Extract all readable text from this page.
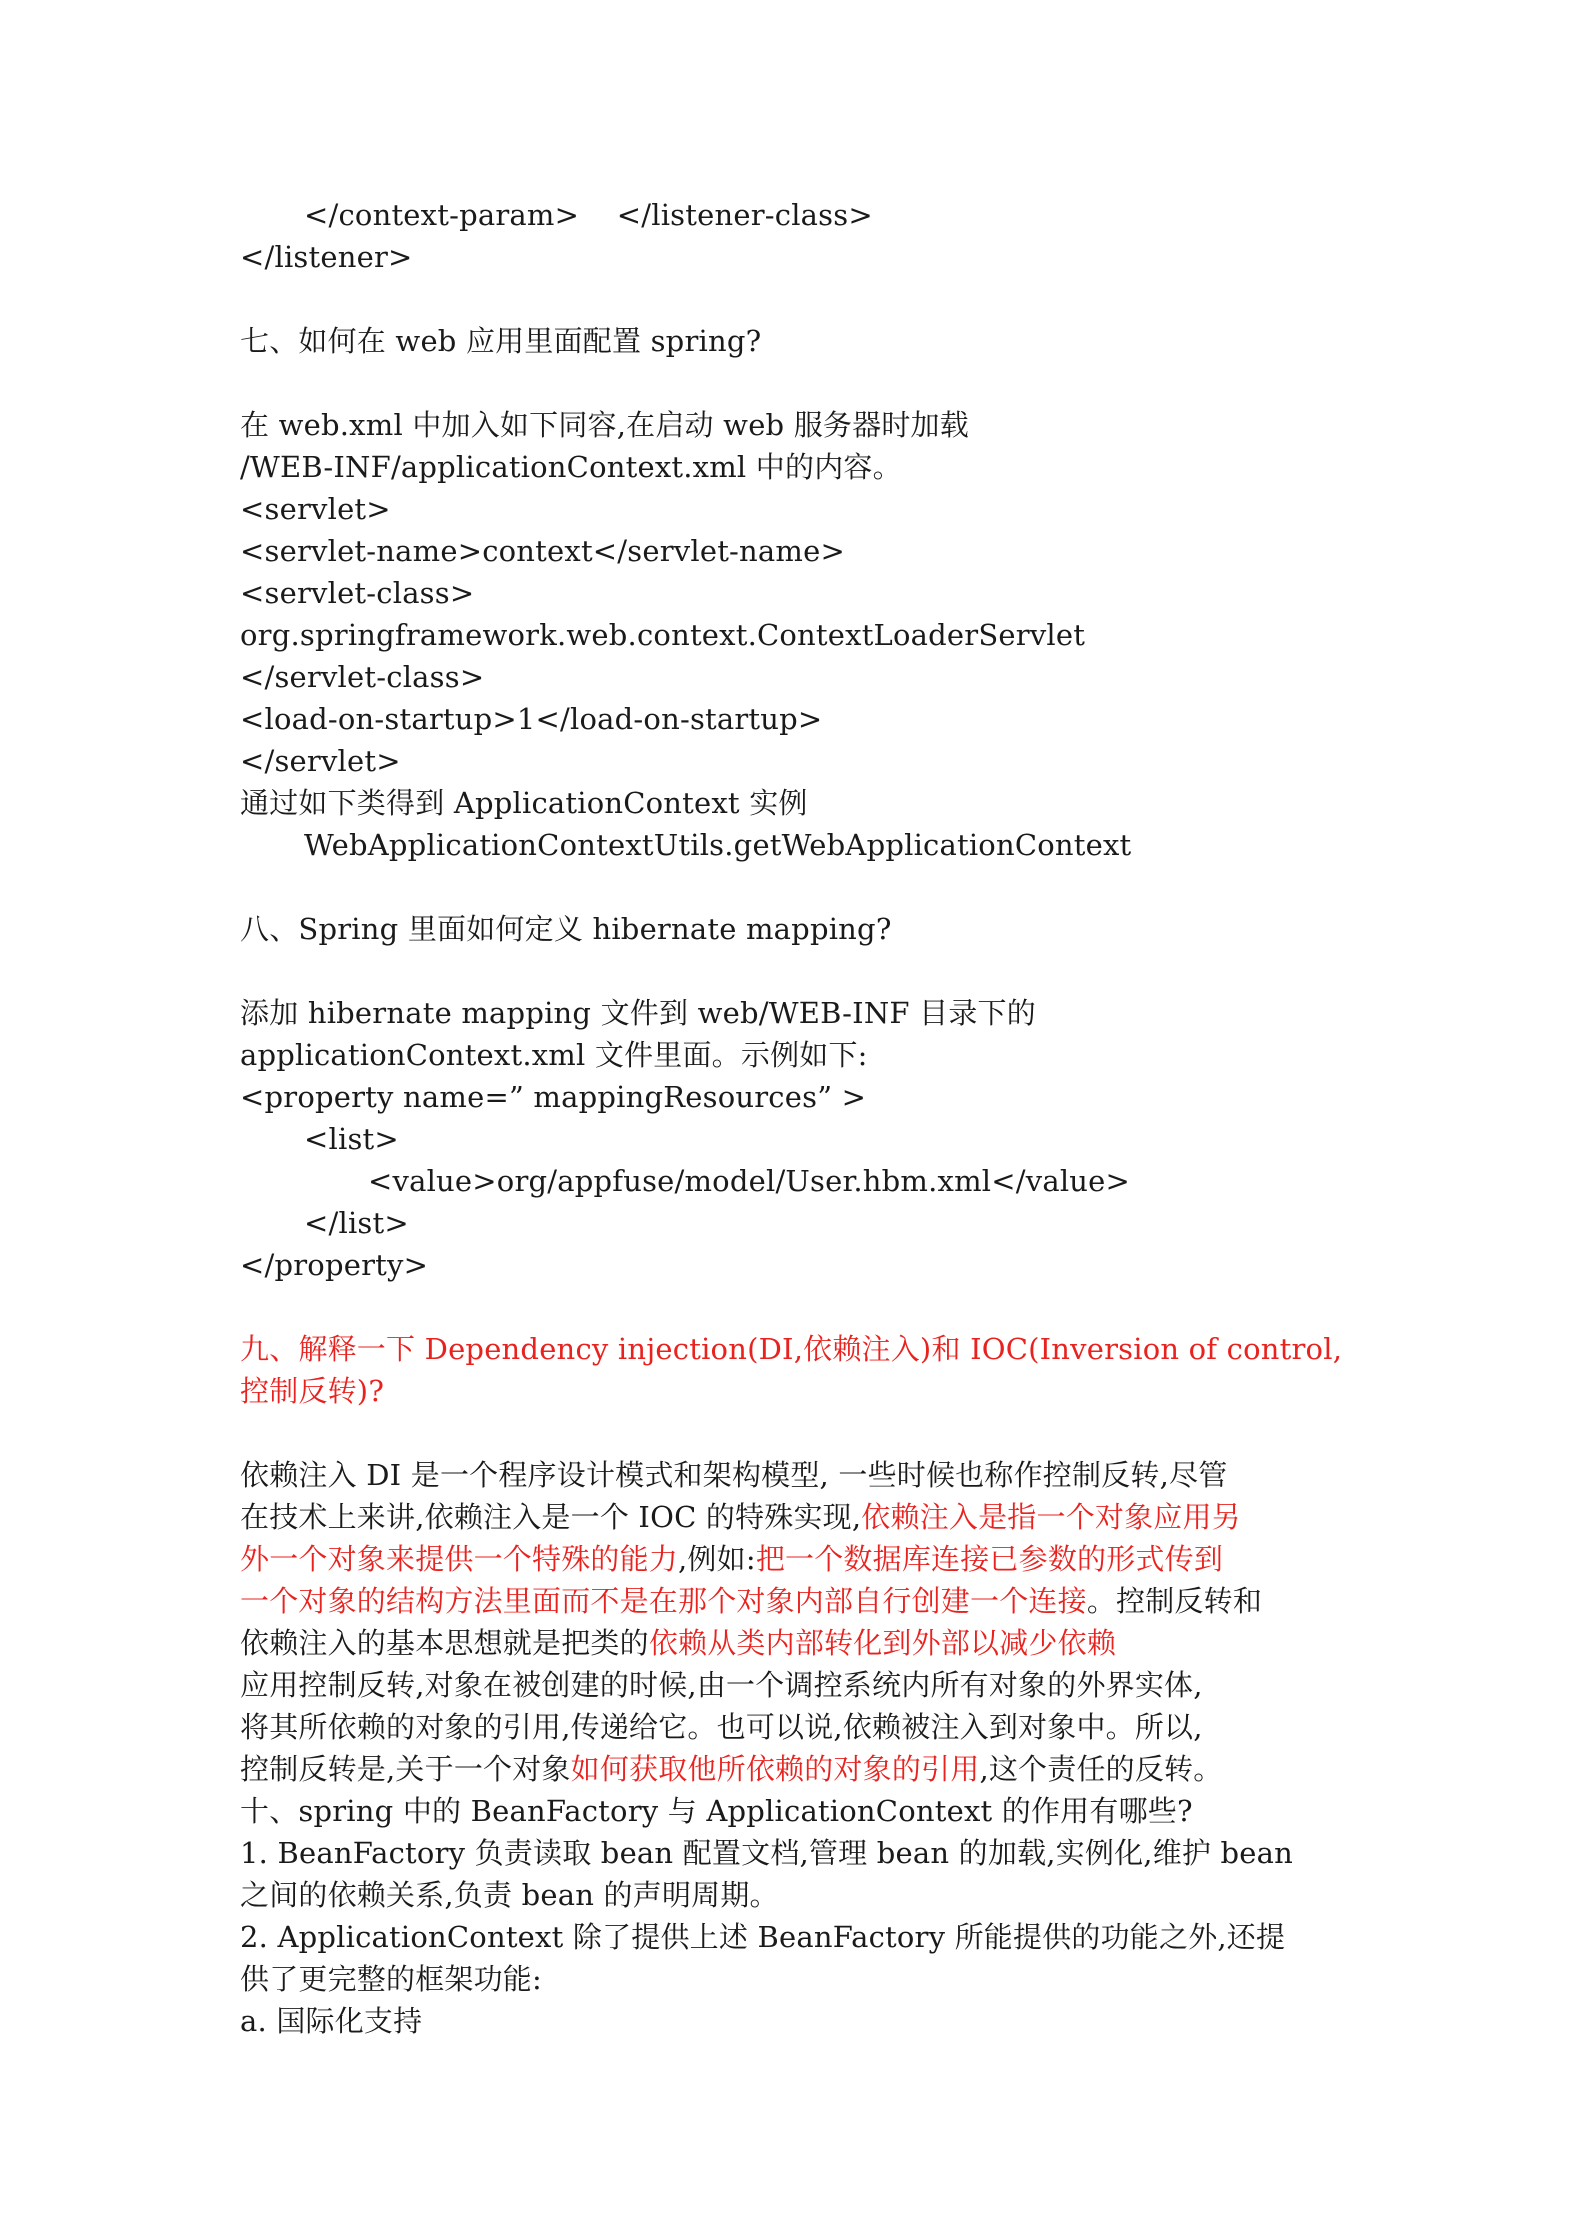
</context-param>    </listener-class>
</listener>
七、如何在 web 应用里面配置 spring?
在 web.xml 中加入如下同容,在启动 web 服务器时加载
/WEB-INF/applicationContext.xml 中的内容。
<servlet>
<servlet-name>context</servlet-name>
<servlet-class>
org.springframework.web.context.ContextLoaderServlet
</servlet-class>
<load-on-startup>1</load-on-startup>
</servlet>
通过如下类得到 ApplicationContext 实例
WebApplicationContextUtils.getWebApplicationContext
八、Spring 里面如何定义 hibernate mapping?
添加 hibernate mapping 文件到 web/WEB-INF 目录下的
applicationContext.xml 文件里面。示例如下:
<property name=” mappingResources” >
<list>
<value>org/appfuse/model/User.hbm.xml</value>
</list>
</property>
九、解释一下 Dependency injection(DI,依赖注入)和 IOC(Inversion of control,
控制反转)?
依赖注入 DI 是一个程序设计模式和架构模型, 一些时候也称作控制反转,尽管
在技术上来讲,依赖注入是一个 IOC 的特殊实现,依赖注入是指一个对象应用另
外一个对象来提供一个特殊的能力,例如:把一个数据库连接已参数的形式传到
一个对象的结构方法里面而不是在那个对象内部自行创建一个连接。控制反转和
依赖注入的基本思想就是把类的依赖从类内部转化到外部以减少依赖
应用控制反转,对象在被创建的时候,由一个调控系统内所有对象的外界实体,
将其所依赖的对象的引用,传递给它。也可以说,依赖被注入到对象中。所以,
控制反转是,关于一个对象如何获取他所依赖的对象的引用,这个责任的反转。
十、spring 中的 BeanFactory 与 ApplicationContext 的作用有哪些?
1. BeanFactory 负责读取 bean 配置文档,管理 bean 的加载,实例化,维护 bean
之间的依赖关系,负责 bean 的声明周期。
2. ApplicationContext 除了提供上述 BeanFactory 所能提供的功能之外,还提
供了更完整的框架功能:
a. 国际化支持
